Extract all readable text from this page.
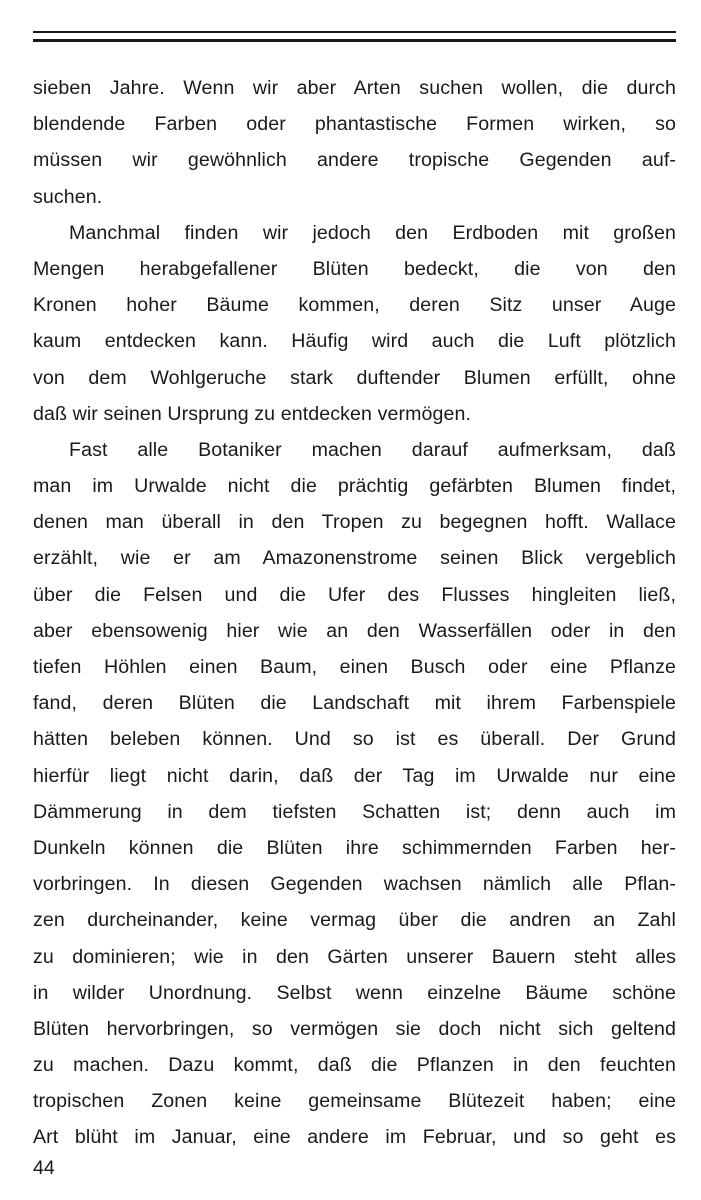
sieben Jahre. Wenn wir aber Arten suchen wollen, die durch
blendende Farben oder phantastische Formen wirken, so
müssen wir gewöhnlich andere tropische Gegenden auf-
suchen.
Manchmal finden wir jedoch den Erdboden mit großen
Mengen herabgefallener Blüten bedeckt, die von den
Kronen hoher Bäume kommen, deren Sitz unser Auge
kaum entdecken kann. Häufig wird auch die Luft plötzlich
von dem Wohlgeruche stark duftender Blumen erfüllt, ohne
daß wir seinen Ursprung zu entdecken vermögen.
Fast alle Botaniker machen darauf aufmerksam, daß
man im Urwalde nicht die prächtig gefärbten Blumen findet,
denen man überall in den Tropen zu begegnen hofft. Wallace
erzählt, wie er am Amazonenstrome seinen Blick vergeblich
über die Felsen und die Ufer des Flusses hingleiten ließ,
aber ebensowenig hier wie an den Wasserfällen oder in den
tiefen Höhlen einen Baum, einen Busch oder eine Pflanze
fand, deren Blüten die Landschaft mit ihrem Farbenspiele
hätten beleben können. Und so ist es überall. Der Grund
hierfür liegt nicht darin, daß der Tag im Urwalde nur eine
Dämmerung in dem tiefsten Schatten ist; denn auch im
Dunkeln können die Blüten ihre schimmernden Farben her-
vorbringen. In diesen Gegenden wachsen nämlich alle Pflan-
zen durcheinander, keine vermag über die andren an Zahl
zu dominieren; wie in den Gärten unserer Bauern steht alles
in wilder Unordnung. Selbst wenn einzelne Bäume schöne
Blüten hervorbringen, so vermögen sie doch nicht sich geltend
zu machen. Dazu kommt, daß die Pflanzen in den feuchten
tropischen Zonen keine gemeinsame Blütezeit haben; eine
Art blüht im Januar, eine andere im Februar, und so geht es
44
